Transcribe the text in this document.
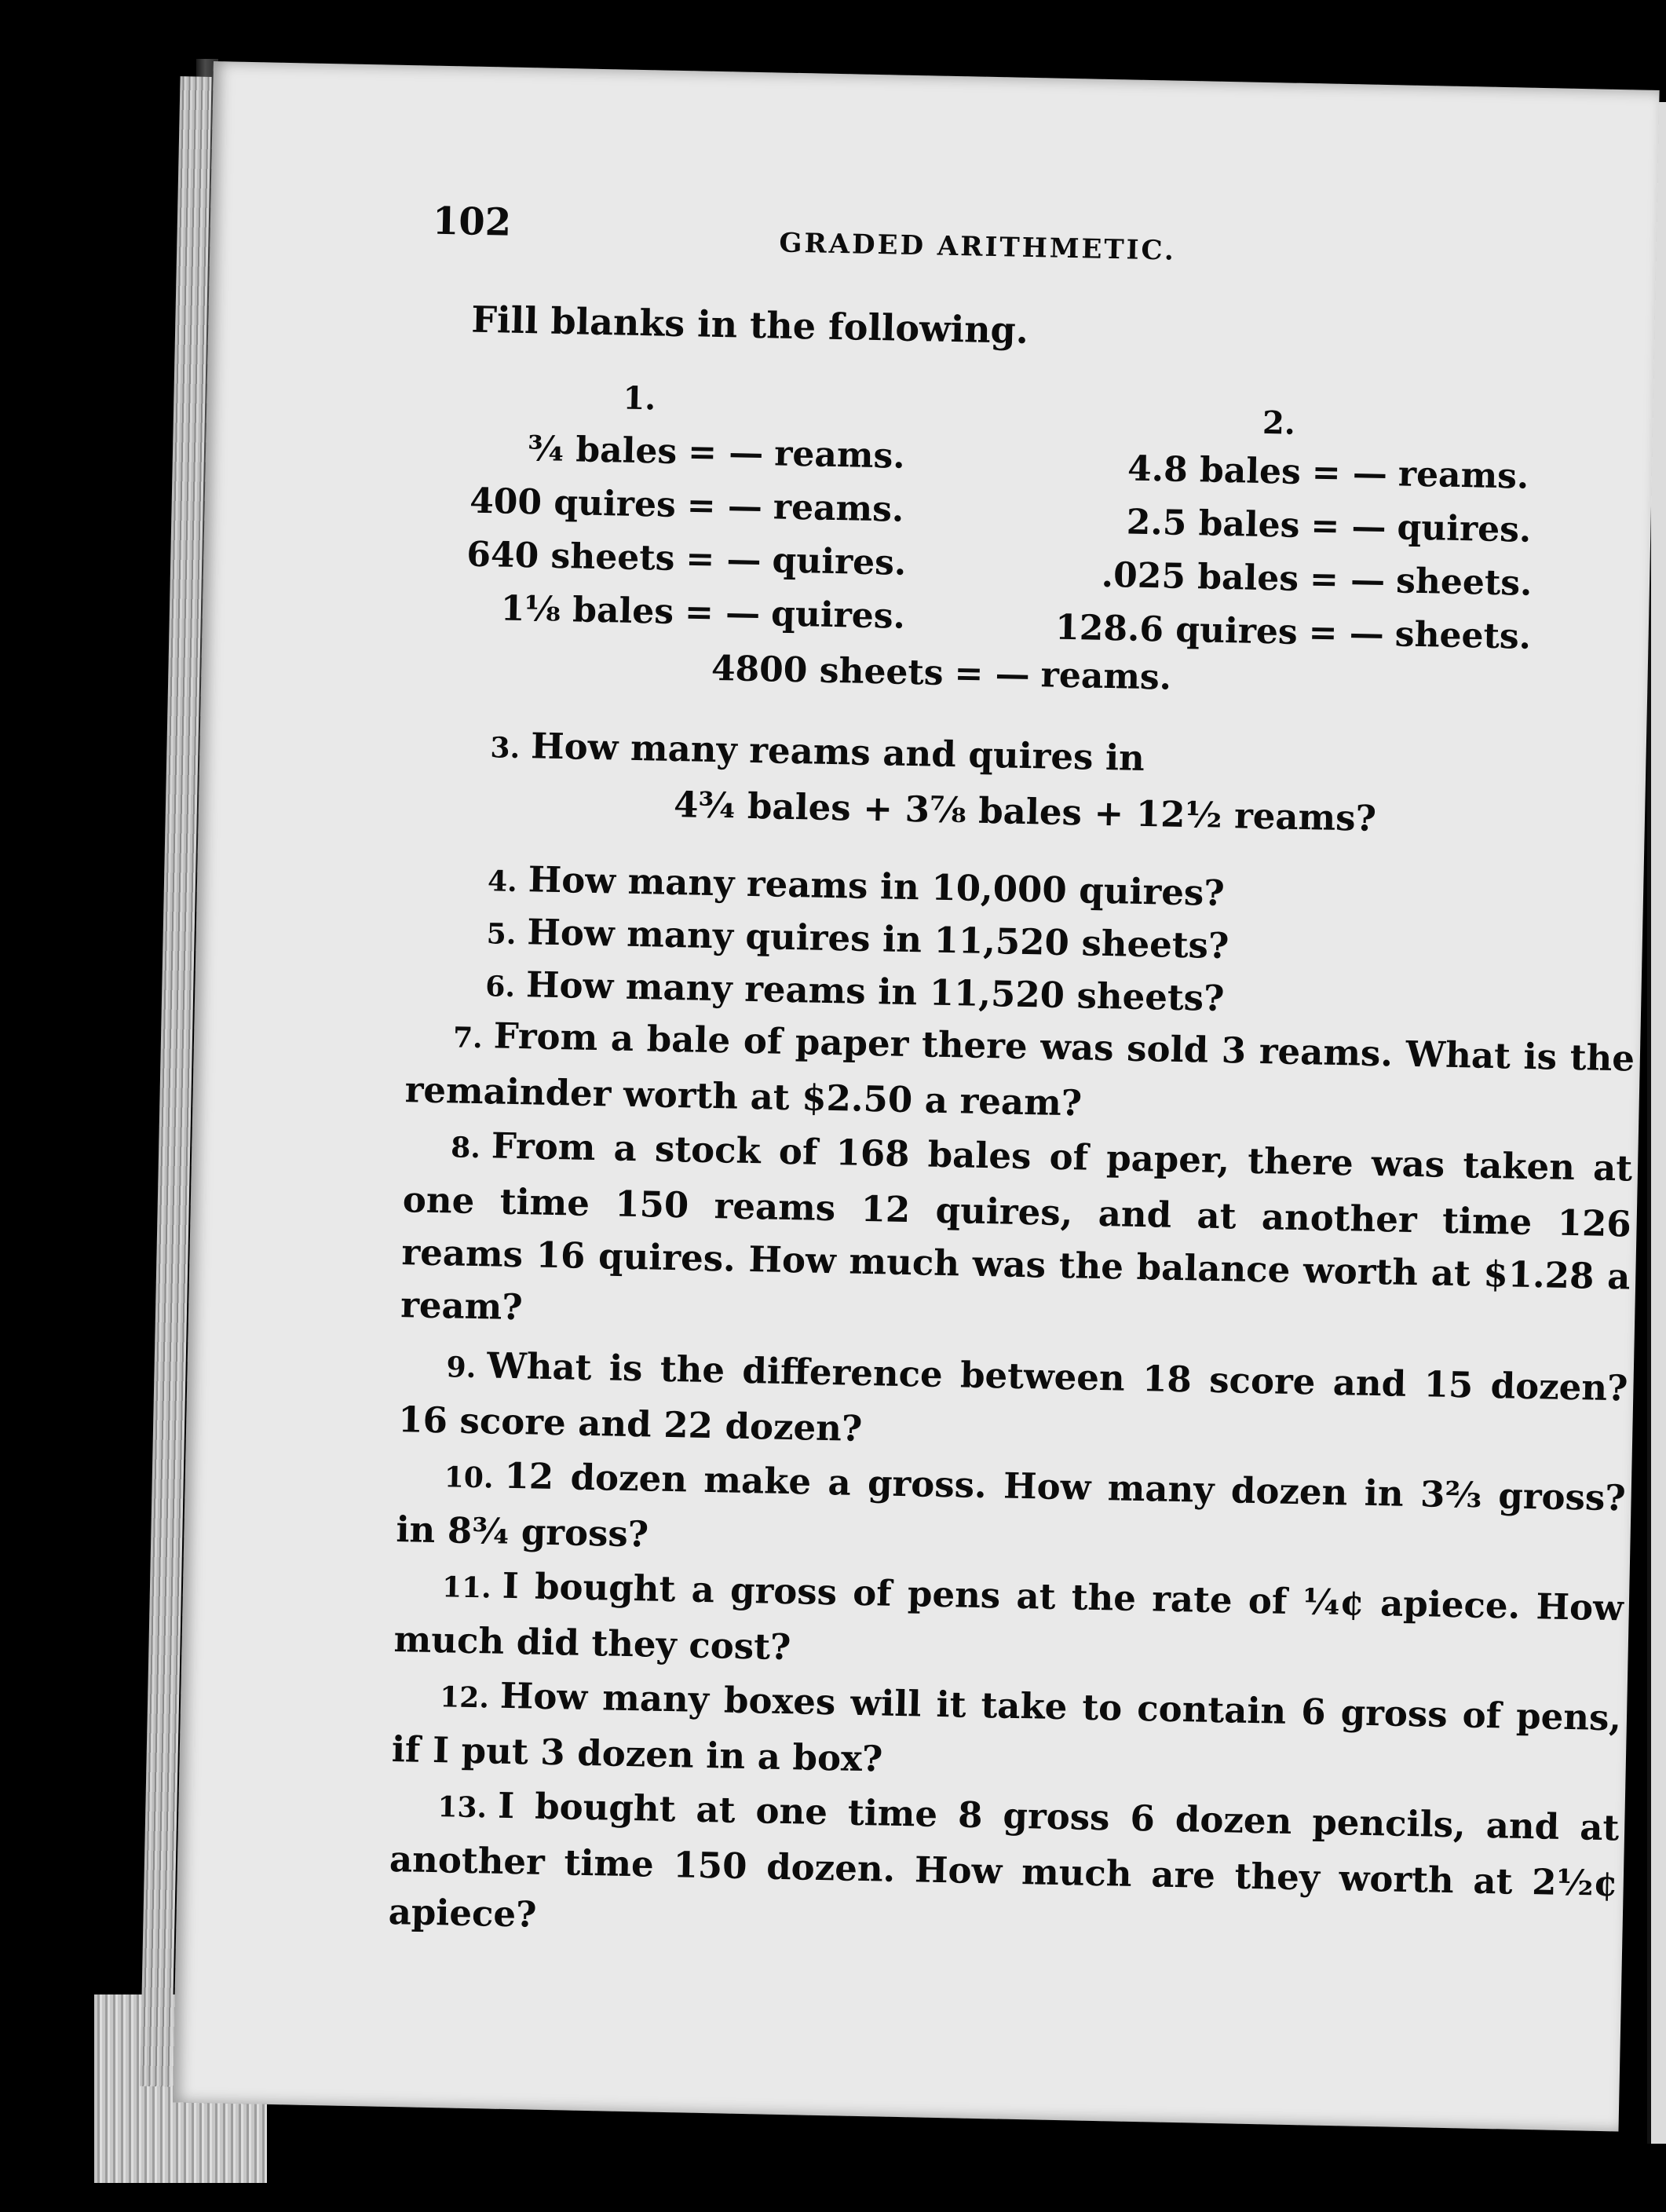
102
GRADED ARITHMETIC.
Fill blanks in the following.
1.
¾ bales = — reams.
400 quires = — reams.
640 sheets = — quires.
1⅛ bales = — quires.
2.
4.8 bales = — reams.
2.5 bales = — quires.
.025 bales = — sheets.
128.6 quires = — sheets.
4800 sheets = — reams.
3. How many reams and quires in
4¾ bales + 3⅞ bales + 12½ reams?
4. How many reams in 10,000 quires?
5. How many quires in 11,520 sheets?
6. How many reams in 11,520 sheets?
7. From a bale of paper there was sold 3 reams. What is the remainder worth at $2.50 a ream?
8. From a stock of 168 bales of paper, there was taken at one time 150 reams 12 quires, and at another time 126 reams 16 quires. How much was the balance worth at $1.28 a ream?
9. What is the difference between 18 score and 15 dozen? 16 score and 22 dozen?
10. 12 dozen make a gross. How many dozen in 3⅔ gross? in 8¾ gross?
11. I bought a gross of pens at the rate of ¼¢ apiece. How much did they cost?
12. How many boxes will it take to contain 6 gross of pens, if I put 3 dozen in a box?
13. I bought at one time 8 gross 6 dozen pencils, and at another time 150 dozen. How much are they worth at 2½¢ apiece?
